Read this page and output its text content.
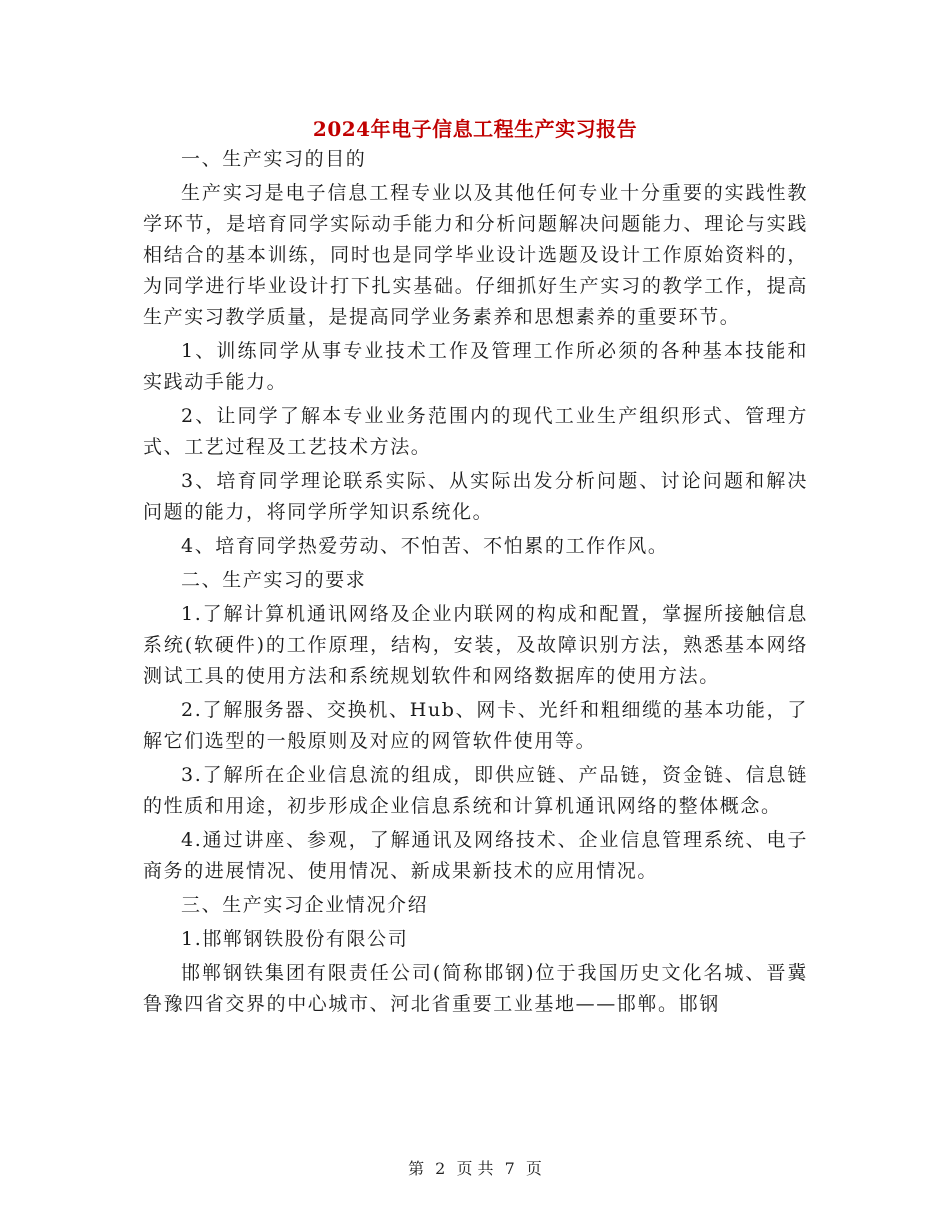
2024年电子信息工程生产实习报告

一、生产实习的目的

生产实习是电子信息工程专业以及其他任何专业十分重要的实践性教学环节，是培育同学实际动手能力和分析问题解决问题能力、理论与实践相结合的基本训练，同时也是同学毕业设计选题及设计工作原始资料的，为同学进行毕业设计打下扎实基础。仔细抓好生产实习的教学工作，提高生产实习教学质量，是提高同学业务素养和思想素养的重要环节。

1、训练同学从事专业技术工作及管理工作所必须的各种基本技能和实践动手能力。

2、让同学了解本专业业务范围内的现代工业生产组织形式、管理方式、工艺过程及工艺技术方法。

3、培育同学理论联系实际、从实际出发分析问题、讨论问题和解决问题的能力，将同学所学知识系统化。

4、培育同学热爱劳动、不怕苦、不怕累的工作作风。

二、生产实习的要求

1.了解计算机通讯网络及企业内联网的构成和配置，掌握所接触信息系统(软硬件)的工作原理，结构，安装，及故障识别方法，熟悉基本网络测试工具的使用方法和系统规划软件和网络数据库的使用方法。

2.了解服务器、交换机、Hub、网卡、光纤和粗细缆的基本功能，了解它们选型的一般原则及对应的网管软件使用等。

3.了解所在企业信息流的组成，即供应链、产品链，资金链、信息链的性质和用途，初步形成企业信息系统和计算机通讯网络的整体概念。

4.通过讲座、参观，了解通讯及网络技术、企业信息管理系统、电子商务的进展情况、使用情况、新成果新技术的应用情况。

三、生产实习企业情况介绍

1.邯郸钢铁股份有限公司

邯郸钢铁集团有限责任公司(简称邯钢)位于我国历史文化名城、晋冀鲁豫四省交界的中心城市、河北省重要工业基地——邯郸。邯钢

第 2 页 共 7 页
